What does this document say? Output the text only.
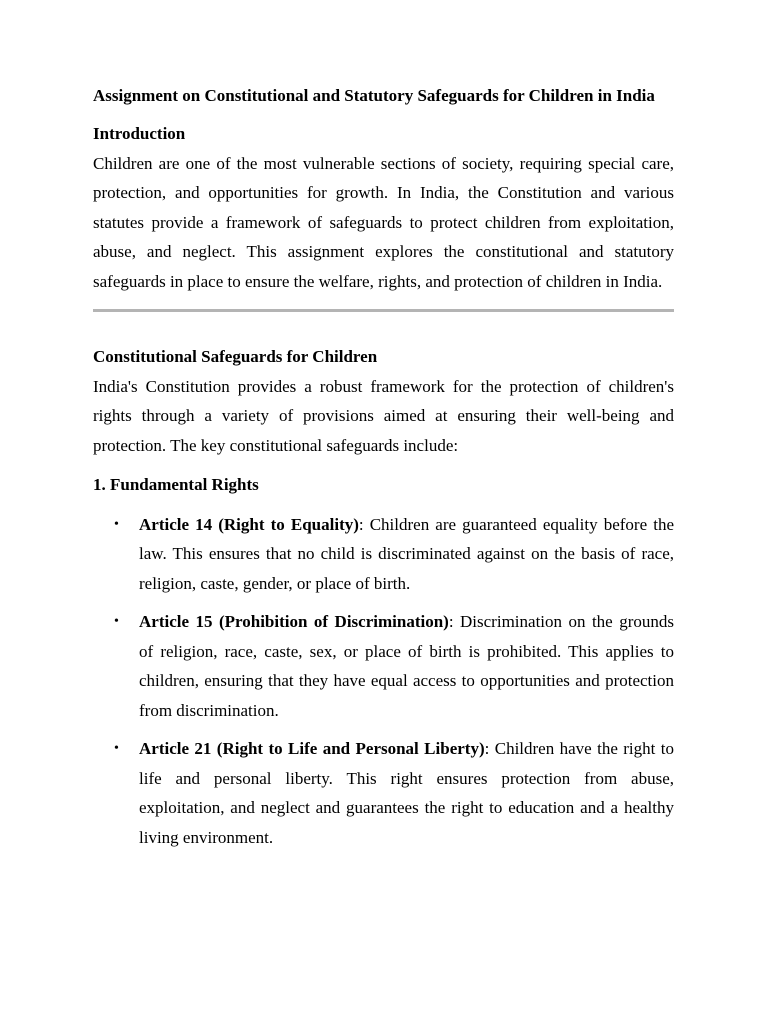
Assignment on Constitutional and Statutory Safeguards for Children in India

Introduction

Children are one of the most vulnerable sections of society, requiring special care, protection, and opportunities for growth. In India, the Constitution and various statutes provide a framework of safeguards to protect children from exploitation, abuse, and neglect. This assignment explores the constitutional and statutory safeguards in place to ensure the welfare, rights, and protection of children in India.

Constitutional Safeguards for Children

India's Constitution provides a robust framework for the protection of children's rights through a variety of provisions aimed at ensuring their well-being and protection. The key constitutional safeguards include:

1. Fundamental Rights

• Article 14 (Right to Equality): Children are guaranteed equality before the law. This ensures that no child is discriminated against on the basis of race, religion, caste, gender, or place of birth.
• Article 15 (Prohibition of Discrimination): Discrimination on the grounds of religion, race, caste, sex, or place of birth is prohibited. This applies to children, ensuring that they have equal access to opportunities and protection from discrimination.
• Article 21 (Right to Life and Personal Liberty): Children have the right to life and personal liberty. This right ensures protection from abuse, exploitation, and neglect and guarantees the right to education and a healthy living environment.
